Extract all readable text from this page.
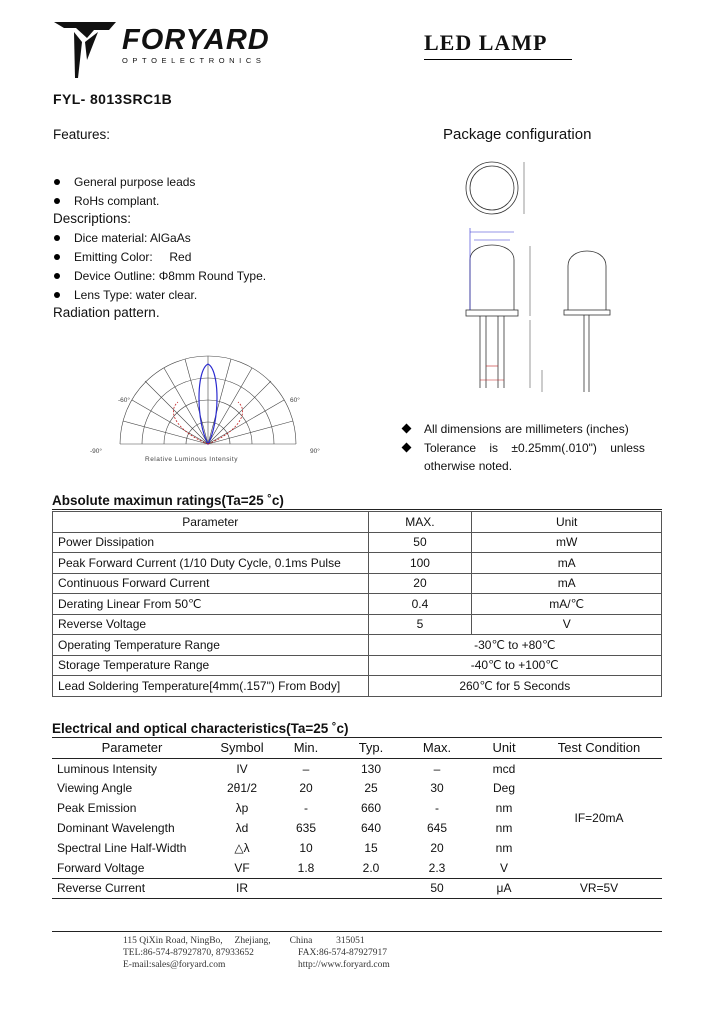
FORYARD
OPTOELECTRONICS
LED LAMP
FYL- 8013SRC1B
Features:
General purpose leads
RoHs complant.
Descriptions:
Dice material: AlGaAs
Emitting Color:     Red
Device Outline: Φ8mm Round Type.
Lens Type: water clear.
Radiation pattern.
-90°
-60°	60°
90°
Relative Luminous Intensity
Package configuration
All dimensions are millimeters (inches)
Tolerance    is    ±0.25mm(.010")    unless otherwise noted.
Absolute maximun ratings(Ta=25 ˚c)
Parameter	MAX.	Unit
Power Dissipation	50	mW
Peak Forward Current (1/10 Duty Cycle, 0.1ms Pulse	100	mA
Continuous Forward Current	20	mA
Derating Linear From 50℃	0.4	mA/℃
Reverse Voltage	5	V
Operating Temperature Range	-30℃ to +80℃	
Storage Temperature Range	-40℃ to +100℃	
Lead Soldering Temperature[4mm(.157") From Body]	260℃ for 5 Seconds	
Electrical and optical characteristics(Ta=25 ˚c)
Parameter	Symbol	Min.	Typ.	Max.	Unit	Test Condition
Luminous Intensity	IV	–	130	–	mcd	IF=20mA
Viewing Angle	2θ1/2	20	25	30	Deg	
Peak Emission	λp	-	660	-	nm	
Dominant Wavelength	λd	635	640	645	nm	
Spectral Line Half-Width	△λ	10	15	20	nm	
Forward Voltage	VF	1.8	2.0	2.3	V	
Reverse Current	IR			50	μA	VR=5V
115 QiXin Road, NingBo,     Zhejiang,        China          315051
TEL:86-574-87927870, 87933652	FAX:86-574-87927917
E-mail:sales@foryard.com	http://www.foryard.com
